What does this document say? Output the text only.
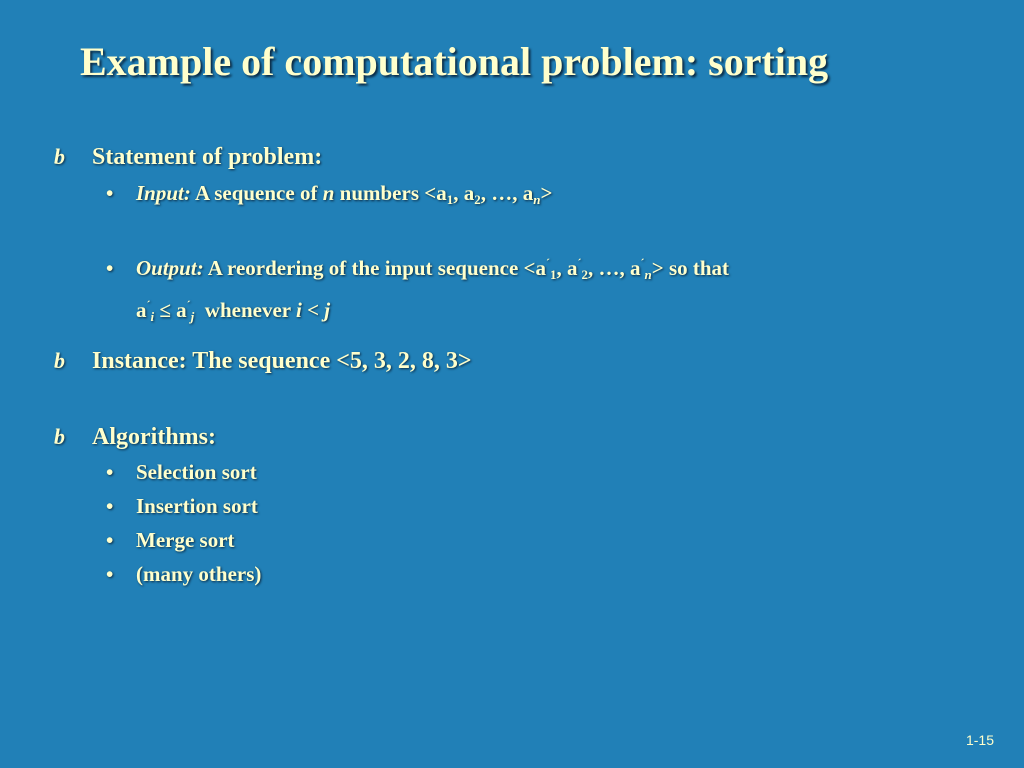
Example of computational problem: sorting
b Statement of problem:
• Input: A sequence of n numbers $<a_1$, $a_2$, …, $a_n>$
• Output: A reordering of the input sequence $<a^´_1$, $a^´_2$, …, $a^´_n>$ so that
$a^´_i \le a^´_j$  whenever i < j
b Instance: The sequence <5, 3, 2, 8, 3>
b Algorithms:
• Selection sort
• Insertion sort
• Merge sort
• (many others)
1-15
